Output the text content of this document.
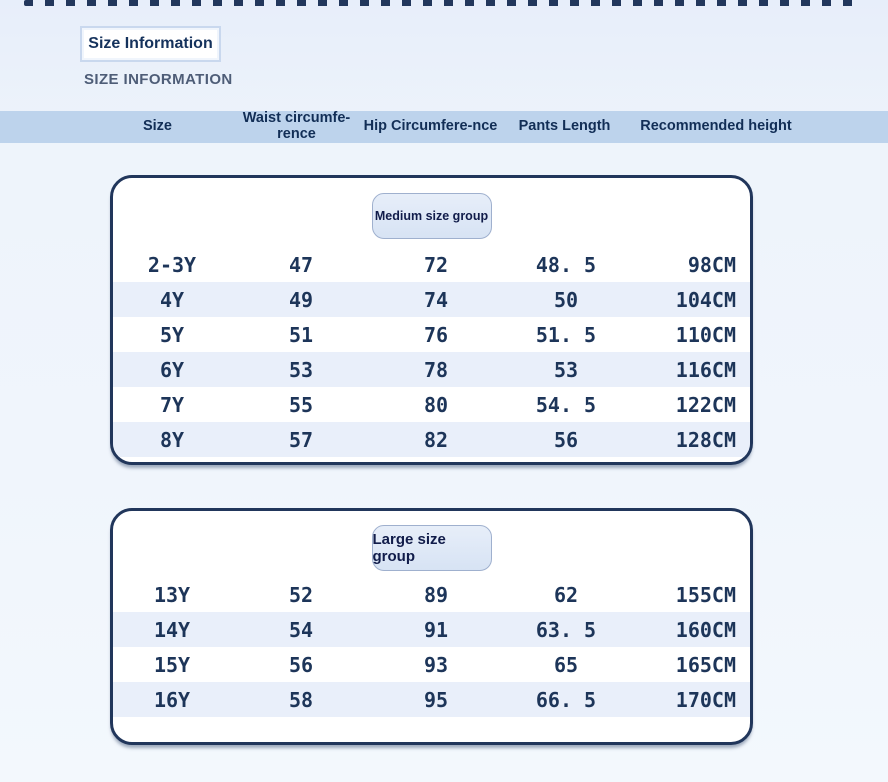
Size Information
SIZE INFORMATION
Size	Waist circumfe-rence	Hip Circumfere-nce	Pants Length	Recommended height
Medium size group
2-3Y	47	72	48. 5	98CM
4Y	49	74	50	104CM
5Y	51	76	51. 5	110CM
6Y	53	78	53	116CM
7Y	55	80	54. 5	122CM
8Y	57	82	56	128CM
Large size group
13Y	52	89	62	155CM
14Y	54	91	63. 5	160CM
15Y	56	93	65	165CM
16Y	58	95	66. 5	170CM
